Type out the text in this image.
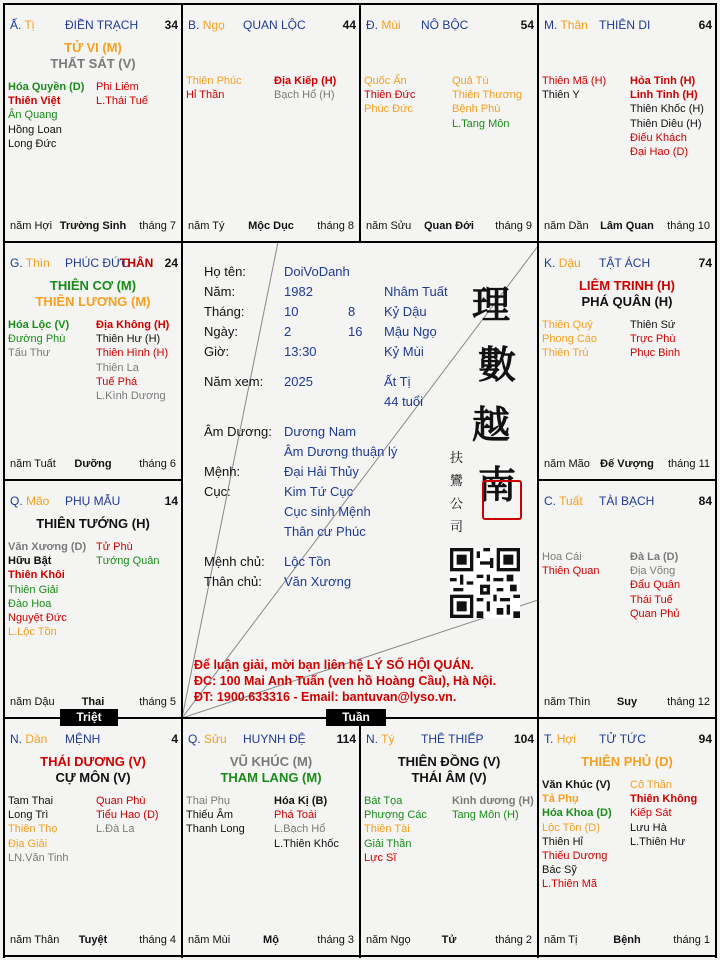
Ấ. Tị	ĐIỀN TRẠCH 34
TỬ VI (M)
THẤT SÁT (V)
Hóa Quyền (D)
Thiên Việt
Ân Quang
Hồng Loan
Long Đức
Phi Liêm
L.Thái Tuế
năm Hợi Trường Sinh	tháng 7
B. Ngọ QUAN LỘC	44
Thiên Phúc
Hỉ Thần
Địa Kiếp (H)
Bạch Hổ (H)
năm Tý	Mộc Dục	tháng 8
Đ. Mùi NÔ BỘC	54
Quốc Ấn
Thiên Đức
Phúc Đức
Quả Tú
Thiên Thương
Bệnh Phù
L.Tang Môn
năm Sửu	Quan Đới	tháng 9
M. Thân THIÊN DI	64
Thiên Mã (H)
Thiên Y
Hỏa Tinh (H)
Linh Tinh (H)
Thiên Khốc (H)
Thiên Diêu (H)
Điếu Khách
Đại Hao (D)
năm Dần	Lâm Quan	tháng 10
G. Thìn PHÚC ĐỨC
THÂN 24
THIÊN CƠ (M)
THIÊN LƯƠNG (M)
Hóa Lộc (V)
Đường Phù
Tấu Thư
Địa Không (H)
Thiên Hư (H)
Thiên Hình (H)
Thiên La
Tuế Phá
L.Kình Dương
năm Tuất	Dưỡng	tháng 6
K. Dậu TẬT ÁCH	74
LIÊM TRINH (H)
PHÁ QUÂN (H)
Thiên Quý
Phong Cáo
Thiên Trù
Thiên Sứ
Trực Phù
Phục Binh
năm Mão Đế Vượng	tháng 11
Q. Mão PHỤ MẪU	14
THIÊN TƯỚNG (H)
Văn Xương (D)
Hữu Bật
Thiên Khôi
Thiên Giải
Đào Hoa
Nguyệt Đức
L.Lộc Tồn
Tử Phù
Tướng Quân
năm Dậu	Thai	tháng 5
C. Tuất TÀI BẠCH	84
Hoa Cái
Thiên Quan
Đà La (D)
Địa Võng
Đẩu Quân
Thái Tuế
Quan Phủ
năm Thìn	Suy	tháng 12
N. Dần MỆNH	4
THÁI DƯƠNG (V)
CỰ MÔN (V)
Tam Thai
Long Trì
Thiên Thọ
Địa Giải
LN.Văn Tinh
Quan Phù
Tiểu Hao (D)
L.Đà La
năm Thân	Tuyệt	tháng 4
Q. Sửu HUYNH ĐỆ	114
VŨ KHÚC (M)
THAM LANG (M)
Thai Phụ
Thiếu Âm
Thanh Long
Hóa Kị (B)
Phá Toái
L.Bạch Hổ
L.Thiên Khốc
năm Mùi	Mộ	tháng 3
N. Tý THÊ THIẾP	104
THIÊN ĐỒNG (V)
THÁI ÂM (V)
Bát Tọa
Phượng Các
Thiên Tài
Giải Thần
Lực Sĩ
Kình dương (H)
Tang Môn (H)
năm Ngọ	Tử	tháng 2
T. Hợi TỬ TỨC	94
THIÊN PHỦ (D)
Văn Khúc (V)
Tả Phụ
Hóa Khoa (D)
Lộc Tồn (D)
Thiên Hỉ
Thiếu Dương
Bác Sỹ
L.Thiên Mã
Cô Thần
Thiên Không
Kiếp Sát
Lưu Hà
L.Thiên Hư
năm Tị	Bệnh	tháng 1
Họ tên:	DoiVoDanh
Năm:	1982	Nhâm Tuất
Tháng:	10	8 Kỷ Dậu
Ngày:	2	16 Mậu Ngọ
Giờ:	13:30	Kỷ Mùi
Năm xem: 2025	Ất Tị
44 tuổi
Âm Dương: Dương Nam
Âm Dương thuận lý
Mệnh:	Đại Hải Thủy
Cục:	Kim Tứ Cục
Cục sinh Mệnh
Thân cư Phúc
Mệnh chủ: Lộc Tồn
Thân chủ: Văn Xương
理
數
越
南
扶
鸞
公
司
Để luận giải, mời bạn liên hệ LÝ SỐ HỘI QUÁN.
ĐC: 100 Mai Anh Tuấn (ven hồ Hoàng Cầu), Hà Nội.
ĐT: 1900.633316 - Email: bantuvan@lyso.vn.
Triệt	Tuần
